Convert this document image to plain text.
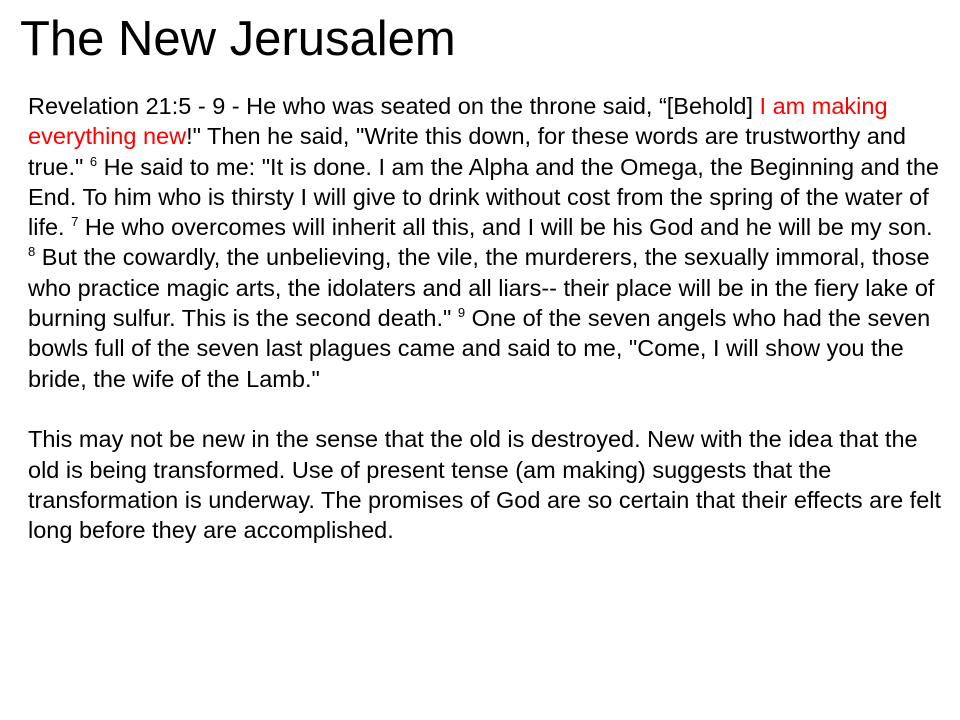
The New Jerusalem

Revelation 21:5 - 9 - He who was seated on the throne said, “[Behold] I am making everything new!" Then he said, "Write this down, for these words are trustworthy and true." $^6$ He said to me: "It is done. I am the Alpha and the Omega, the Beginning and the End. To him who is thirsty I will give to drink without cost from the spring of the water of life. $^7$ He who overcomes will inherit all this, and I will be his God and he will be my son. $^8$ But the cowardly, the unbelieving, the vile, the murderers, the sexually immoral, those who practice magic arts, the idolaters and all liars-- their place will be in the fiery lake of burning sulfur. This is the second death." $^9$ One of the seven angels who had the seven bowls full of the seven last plagues came and said to me, "Come, I will show you the bride, the wife of the Lamb."

This may not be new in the sense that the old is destroyed. New with the idea that the old is being transformed. Use of present tense (am making) suggests that the transformation is underway. The promises of God are so certain that their effects are felt long before they are accomplished.
